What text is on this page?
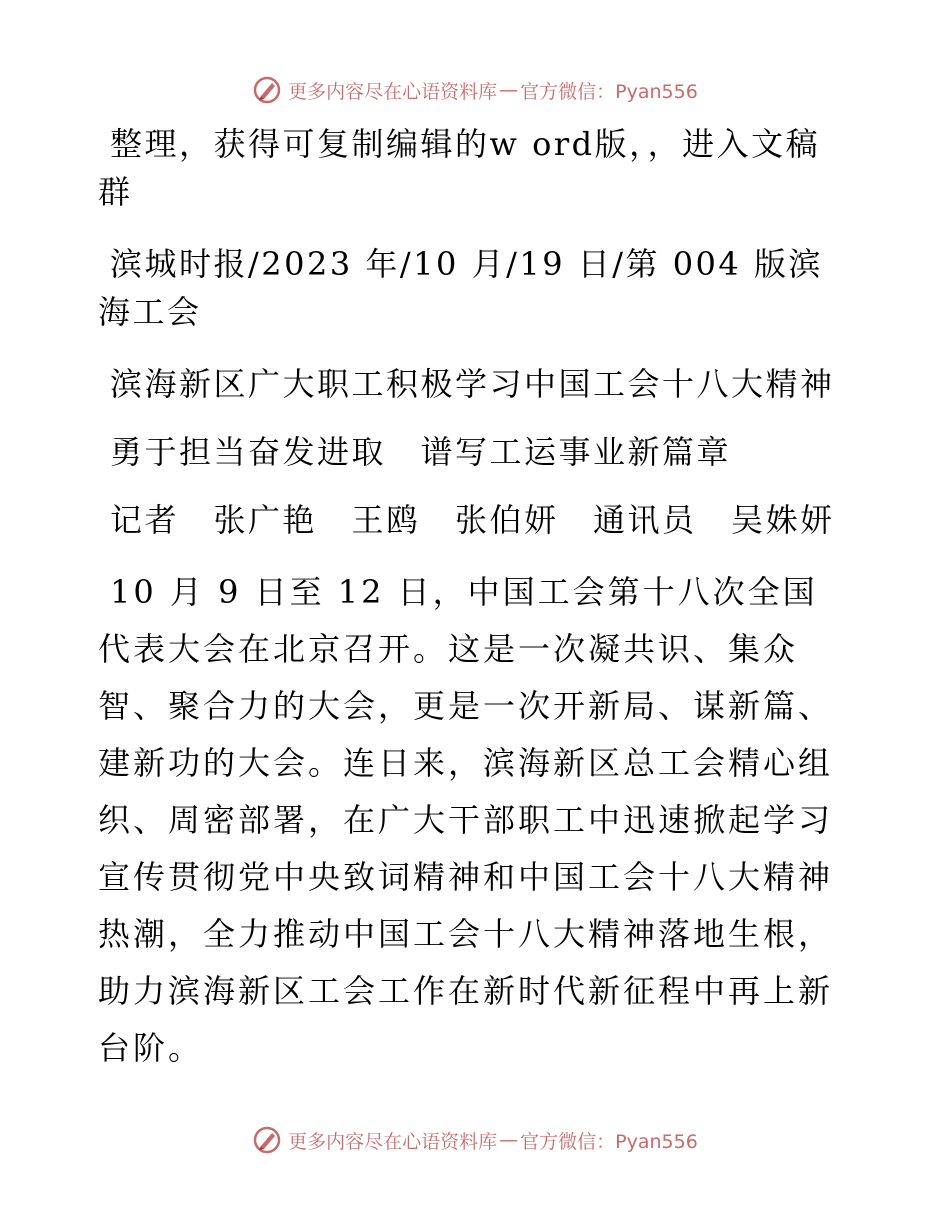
更多内容尽在心语资料库 — 官方微信：Pyan556

整理，获得可复制编辑的w ord版，，进入文稿群

滨城时报/2023 年/10 月/19 日/第 004 版滨海工会

滨海新区广大职工积极学习中国工会十八大精神

勇于担当奋发进取　谱写工运事业新篇章

记者　张广艳　王鸥　张伯妍　通讯员　吴姝妍

10 月 9 日至 12 日，中国工会第十八次全国代表大会在北京召开。这是一次凝共识、集众智、聚合力的大会，更是一次开新局、谋新篇、建新功的大会。连日来，滨海新区总工会精心组织、周密部署，在广大干部职工中迅速掀起学习宣传贯彻党中央致词精神和中国工会十八大精神热潮，全力推动中国工会十八大精神落地生根，助力滨海新区工会工作在新时代新征程中再上新台阶。

更多内容尽在心语资料库 — 官方微信：Pyan556
